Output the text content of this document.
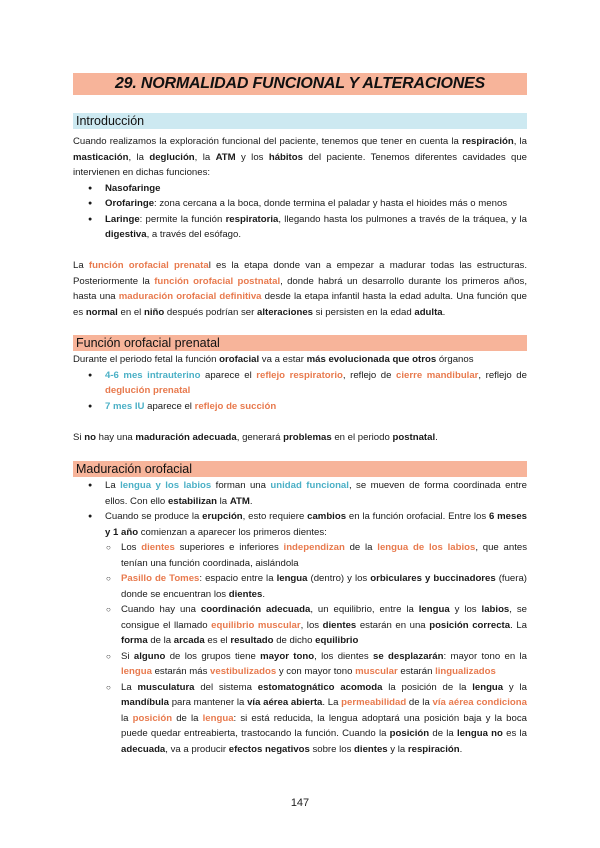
29. NORMALIDAD FUNCIONAL Y ALTERACIONES
Introducción

Cuando realizamos la exploración funcional del paciente, tenemos que tener en cuenta la respiración, la masticación, la deglución, la ATM y los hábitos del paciente. Tenemos diferentes cavidades que intervienen en dichas funciones:

● Nasofaringe
● Orofaringe: zona cercana a la boca, donde termina el paladar y hasta el hioides más o menos
● Laringe: permite la función respiratoria, llegando hasta los pulmones a través de la tráquea, y la digestiva, a través del esófago.

La función orofacial prenatal es la etapa donde van a empezar a madurar todas las estructuras. Posteriormente la función orofacial postnatal, donde habrá un desarrollo durante los primeros años, hasta una maduración orofacial definitiva desde la etapa infantil hasta la edad adulta. Una función que es normal en el niño después podrían ser alteraciones si persisten en la edad adulta.

Función orofacial prenatal

Durante el periodo fetal la función orofacial va a estar más evolucionada que otros órganos

● 4-6 mes intrauterino aparece el reflejo respiratorio, reflejo de cierre mandibular, reflejo de deglución prenatal
● 7 mes IU aparece el reflejo de succión

Si no hay una maduración adecuada, generará problemas en el periodo postnatal.

Maduración orofacial
● La lengua y los labios forman una unidad funcional, se mueven de forma coordinada entre ellos. Con ello estabilizan la ATM.
● Cuando se produce la erupción, esto requiere cambios en la función orofacial. Entre los 6 meses y 1 año comienzan a aparecer los primeros dientes:
○ Los dientes superiores e inferiores independizan de la lengua de los labios, que antes tenían una función coordinada, aislándola
○ Pasillo de Tomes: espacio entre la lengua (dentro) y los orbiculares y buccinadores (fuera) donde se encuentran los dientes.
○ Cuando hay una coordinación adecuada, un equilibrio, entre la lengua y los labios, se consigue el llamado equilibrio muscular, los dientes estarán en una posición correcta. La forma de la arcada es el resultado de dicho equilibrio
○ Si alguno de los grupos tiene mayor tono, los dientes se desplazarán: mayor tono en la lengua estarán más vestibulizados y con mayor tono muscular estarán lingualizados
○ La musculatura del sistema estomatognático acomoda la posición de la lengua y la mandíbula para mantener la vía aérea abierta. La permeabilidad de la vía aérea condiciona la posición de la lengua: si está reducida, la lengua adoptará una posición baja y la boca puede quedar entreabierta, trastocando la función. Cuando la posición de la lengua no es la adecuada, va a producir efectos negativos sobre los dientes y la respiración.
147
